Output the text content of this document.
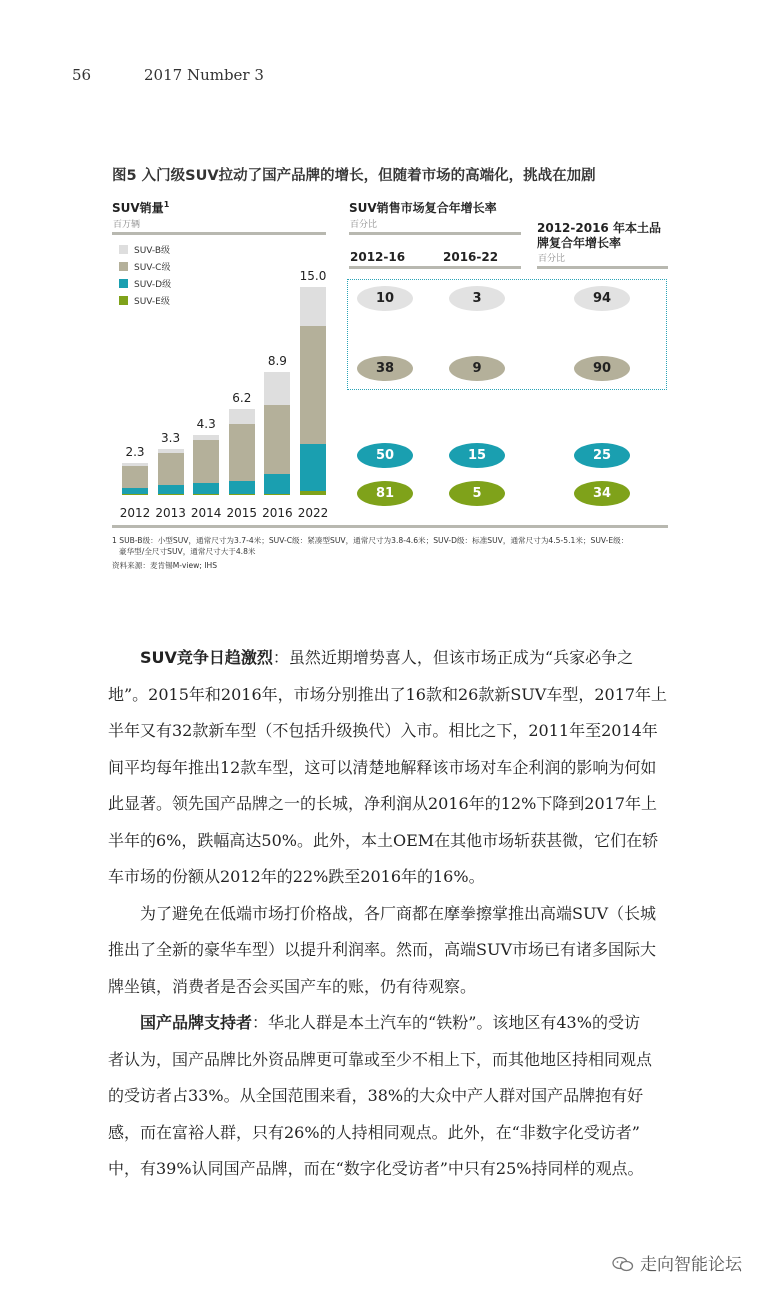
56	2017 Number 3
图5 入门级SUV拉动了国产品牌的增长，但随着市场的高端化，挑战在加剧
SUV销量$^1$
百万辆
SUV销售市场复合年增长率
百分比
2012-16	2016-22
2012-2016 年本土品
牌复合年增长率
百分比
SUV-B级
SUV-C级
SUV-D级
SUV-E级
2.3
2012
3.3
2013
4.3
2014
6.2
2015
8.9
2016
15.0
2022
10	3	94
38	9	90
50	15	25
81	5	34
1 SUB-B级：小型SUV，通常尺寸为3.7-4米；SUV-C级：紧凑型SUV，通常尺寸为3.8-4.6米；SUV-D级：标准SUV，通常尺寸为4.5-5.1米；SUV-E级：
豪华型/全尺寸SUV，通常尺寸大于4.8米
资料来源：麦肯锡M-view; IHS
SUV竞争日趋激烈：虽然近期增势喜人，但该市场正成为“兵家必争之
地”。2015年和2016年，市场分别推出了16款和26款新SUV车型，2017年上
半年又有32款新车型（不包括升级换代）入市。相比之下，2011年至2014年
间平均每年推出12款车型，这可以清楚地解释该市场对车企利润的影响为何如
此显著。领先国产品牌之一的长城，净利润从2016年的12%下降到2017年上
半年的6%，跌幅高达50%。此外，本土OEM在其他市场斩获甚微，它们在轿
车市场的份额从2012年的22%跌至2016年的16%。
为了避免在低端市场打价格战，各厂商都在摩拳擦掌推出高端SUV（长城
推出了全新的豪华车型）以提升利润率。然而，高端SUV市场已有诸多国际大
牌坐镇，消费者是否会买国产车的账，仍有待观察。
国产品牌支持者：华北人群是本土汽车的“铁粉”。该地区有43%的受访
者认为，国产品牌比外资品牌更可靠或至少不相上下，而其他地区持相同观点
的受访者占33%。从全国范围来看，38%的大众中产人群对国产品牌抱有好
感，而在富裕人群，只有26%的人持相同观点。此外，在“非数字化受访者”
中，有39%认同国产品牌，而在“数字化受访者”中只有25%持同样的观点。
走向智能论坛
